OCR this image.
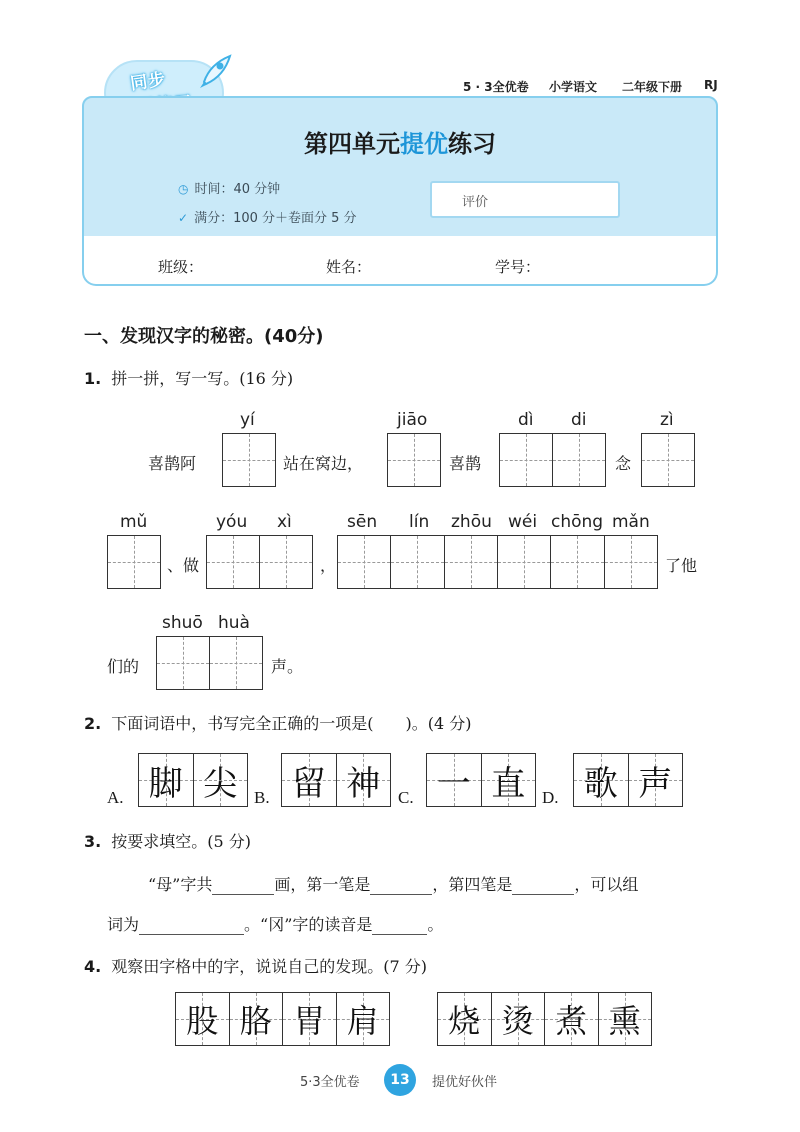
同步	5 · 3全优卷 小学语文 二年级下册 RJ
第四单元提优练习
◷ 时间：40 分钟
✓ 满分：100 分＋卷面分 5 分
评价
班级：	姓名：	学号：
一、发现汉字的秘密。(40分)
1. 拼一拼，写一写。(16 分)
yí	jiāo	dì di	zì
喜鹊阿	站在窝边，	喜鹊	念
mǔ	yóu xì	sēn lín zhōu wéi chōng mǎn
、做	，	了他
shuō huà
们的	声。
2. 下面词语中，书写完全正确的一项是(　　)。(4 分)
A. 脚 尖 B. 留 神 C. 一 直 D. 歌 声
3. 按要求填空。(5 分)
“母”字共	画，第一笔是	，第四笔是	，可以组
词为	。“冈”字的读音是	。
4. 观察田字格中的字，说说自己的发现。(7 分)
股 胳 胃 肩 烧 烫 煮 熏
5·3全优卷	13	提优好伙伴
